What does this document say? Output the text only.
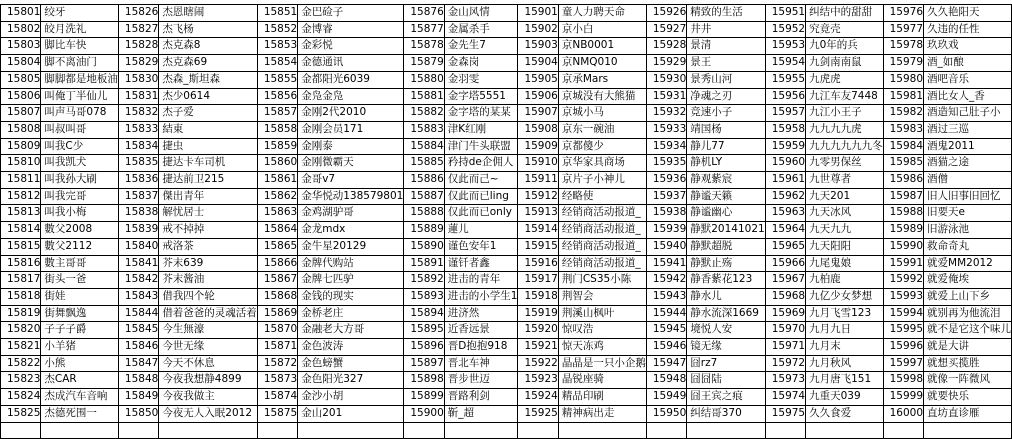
15801	绞牙	15826	杰恩瞎闹	15851	金巴硷子	15876	金山风情	15901	童人力聘天命	15926	精致的生活	15951	纠结中的甜甜	15976	久久艳阳天
15802	皎月洗礼	15827	杰飞杨	15852	金博睿	15877	金属杀手	15902	京小白	15927	井井	15952	究竟壳	15977	久违的任性
15803	脚比车快	15828	杰克森8	15853	金彩悦	15878	金先生7	15903	京NB0001	15928	景清	15953	九0年的兵	15978	玖玖戏
15804	脚不离油门	15829	杰克森69	15854	金德通讯	15879	金森岗	15904	京NMQ010	15929	景王	15954	九剑南南鼠	15979	酒_如酿
15805	脚脚都是地板油	15830	杰森_斯坦森	15855	金都阳光6039	15880	金羽雯	15905	京承Mars	15930	景秀山河	15955	九虎虎	15980	酒吧音乐
15806	叫俺丁半仙儿	15831	杰少0614	15856	金凫金凫	15881	金字塔5551	15906	京城没有大熊猫	15931	净魂之刃	15956	九江车友7448	15981	酒比女人_香
15807	叫声马哥078	15832	杰子爱	15857	金刚2代2010	15882	金字塔的某某	15907	京城小马	15932	竞速小子	15957	九江小王子	15982	酒造知己肚子小
15808	叫叔叫哥	15833	結東	15858	金刚会员171	15883	津K红刚	15908	京东一碗油	15933	靖国杨	15958	九九九九虎	15983	酒过三巡
15809	叫我C少	15834	捷虫	15859	金刚泰	15884	津门牛头联盟	15909	京都傻少	15934	静儿77	15959	九九九九九九冬	15984	酒鬼2011
15810	叫我凯犬	15835	捷达卡车司机	15860	金刚微霸天	15885	矜持de企佣人	15910	京华家具商场	15935	静机LY	15960	九零男保丝	15985	酒猫之途
15811	叫我孙大刷	15836	捷达前卫215	15861	金哥v7	15886	仅此而己~	15911	京片子小神儿	15936	静观紫宸	15961	九世尊者	15986	酒僧
15812	叫我完哥	15837	傑出青年	15862	金华悦动138579801	15887	仅此而已ling	15912	经略使	15937	静谧天籁	15962	九天201	15987	旧人旧事旧回忆
15813	叫我小梅	15838	解忧居士	15863	金鸡湖驴哥	15888	仅此而已only	15913	经销商活动报道_	15938	静谧幽心	15963	九天冰风	15988	旧要天e
15814	數父2008	15839	戒不掉掉	15864	金龙mdx	15889	蓮儿	15914	经销商活动报道_	15939	静默20141021	15964	九天九九	15989	旧游泳池
15815	數父2112	15840	戒洛茶	15865	金牛星20129	15890	谨色安年1	15915	经销商活动报道_	15940	静默超脱	15965	九天阳阳	15990	救命奇丸
15816	數主哥哥	15841	芥末639	15866	金牌代购站	15891	谨钎者鑫	15916	经销商活动报道_	15941	静默止殇	15966	九尾鬼娘	15991	就爱MM2012
15817	街头一爸	15842	芥末酱油	15867	金牌七匹驴	15892	进击的青年	15917	荆门CS35小陈	15942	静香紫花123	15967	九柏鹿	15992	就爱俺埃
15818	街娃	15843	借我四个轮	15868	金钱的现实	15893	进击的小学生1	15918	荆智会	15943	静水儿	15968	九亿少女梦想	15993	就爱上山下乡
15819	街舞飘逸	15844	借着爸爸的灵魂活着	15869	金桥老庄	15894	进济然	15919	荆溪山枫叶	15944	静水流深1669	15969	九月飞雪123	15994	就别再为他流泪
15820	子子子爵	15845	今生無濠	15870	金融老大方哥	15895	近香远景	15920	惊叹浩	15945	境悦人安	15970	九月九日	15995	就不是它这个味儿
15821	小羊猪	15846	今世无缘	15871	金色波涛	15896	晋D抱抱918	15921	惊天冻鸡	15946	镜无缘	15971	九月末	15996	就是大讲
15822	小熊	15847	今天不休息	15872	金色螃蟹	15897	晋北车神	15922	晶晶是一只小企鹅	15947	囧rz7	15972	九月秋风	15997	就想买揽胜
15823	杰CAR	15848	今夜我想静4899	15873	金色阳光327	15898	晋步世迈	15923	晶锐座骑	15948	囧囧陆	15973	九月唐飞151	15998	就像一阵微风
15824	杰成汽车音响	15849	今夜我做主	15874	金沙小胡	15899	晋路利剑	15924	精品印刷	15949	囧王宾之痕	15974	九重天039	15999	就要快乐
15825	杰德死围一	15850	今夜无人入眠2012	15875	金山201	15900	靳_超	15925	精神病出走	15950	纠结哥370	15975	久久食爱	16000	直坊直诊雁
